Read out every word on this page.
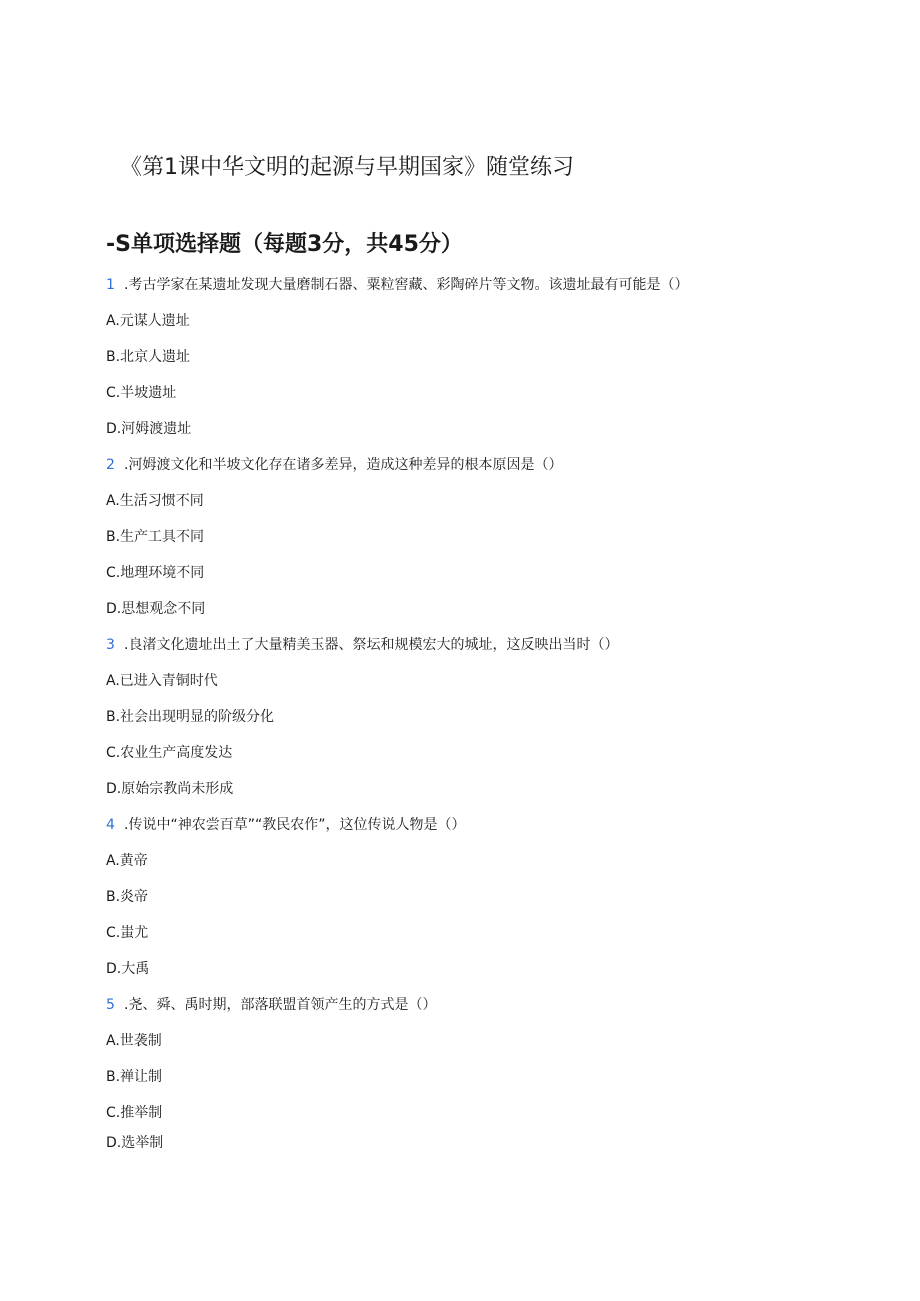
《第1课中华文明的起源与早期国家》随堂练习
-S单项选择题（每题3分，共45分）
1 .考古学家在某遗址发现大量磨制石器、粟粒窖藏、彩陶碎片等文物。该遗址最有可能是（）
A.元谋人遗址
B.北京人遗址
C.半坡遗址
D.河姆渡遗址
2 .河姆渡文化和半坡文化存在诸多差异，造成这种差异的根本原因是（）
A.生活习惯不同
B.生产工具不同
C.地理环境不同
D.思想观念不同
3 .良渚文化遗址出土了大量精美玉器、祭坛和规模宏大的城址，这反映出当时（）
A.已进入青铜时代
B.社会出现明显的阶级分化
C.农业生产高度发达
D.原始宗教尚未形成
4 .传说中“神农尝百草”“教民农作”，这位传说人物是（）
A.黄帝
B.炎帝
C.蚩尤
D.大禹
5 .尧、舜、禹时期，部落联盟首领产生的方式是（）
A.世袭制
B.禅让制
C.推举制
D.选举制
